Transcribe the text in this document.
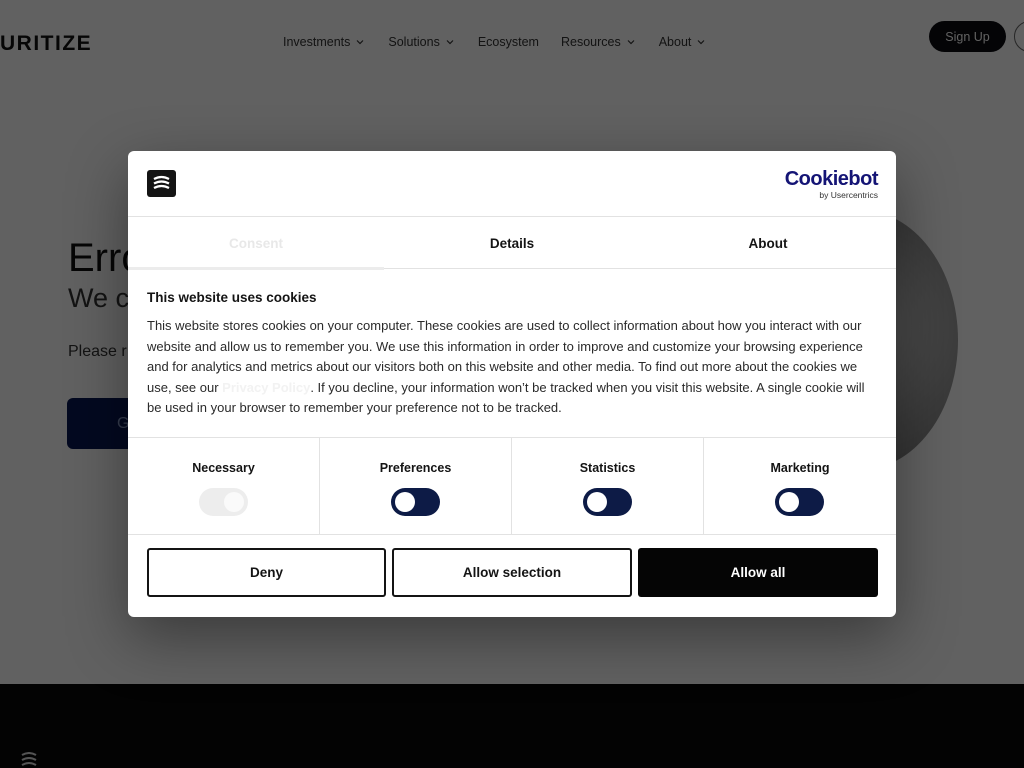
Cookiebot
by Usercentrics
Consent	Details	About
This website uses cookies
This website stores cookies on your computer. These cookies are used to collect information about how you interact with our website and allow us to remember you. We use this information in order to improve and customize your browsing experience and for analytics and metrics about our visitors both on this website and other media. To find out more about the cookies we use, see our Privacy Policy. If you decline, your information won’t be tracked when you visit this website. A single cookie will be used in your browser to remember your preference not to be tracked.
Necessary	Preferences	Statistics	Marketing
Deny	Allow selection	Allow all
